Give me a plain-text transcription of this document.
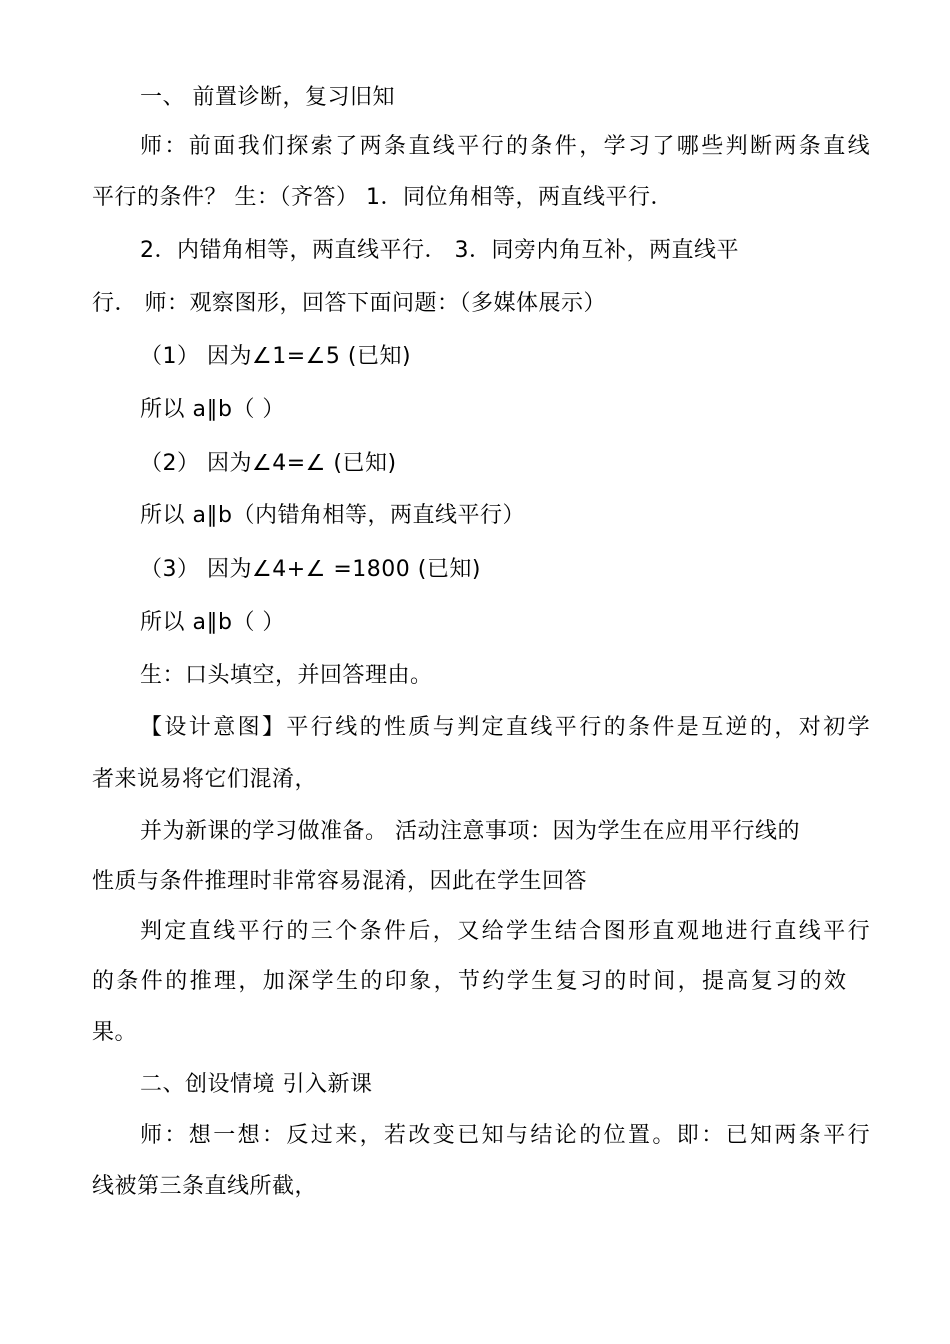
一、 前置诊断，复习旧知
师：前面我们探索了两条直线平行的条件，学习了哪些判断两条直线
平行的条件？ 生：（齐答） 1．同位角相等，两直线平行．
2．内错角相等，两直线平行． 3．同旁内角互补，两直线平
行． 师：观察图形，回答下面问题：（多媒体展示）
（1） 因为∠1=∠5 (已知)
所以 a∥b（ ）
（2） 因为∠4=∠ (已知)
所以 a∥b（内错角相等，两直线平行）
（3） 因为∠4+∠ =1800 (已知)
所以 a∥b（ ）
生：口头填空，并回答理由。
【设计意图】平行线的性质与判定直线平行的条件是互逆的，对初学
者来说易将它们混淆，
并为新课的学习做准备。 活动注意事项：因为学生在应用平行线的
性质与条件推理时非常容易混淆，因此在学生回答
判定直线平行的三个条件后，又给学生结合图形直观地进行直线平行
的条件的推理，加深学生的印象，节约学生复习的时间，提高复习的效
果。
二、创设情境 引入新课
师：想一想：反过来，若改变已知与结论的位置。即：已知两条平行
线被第三条直线所截，
